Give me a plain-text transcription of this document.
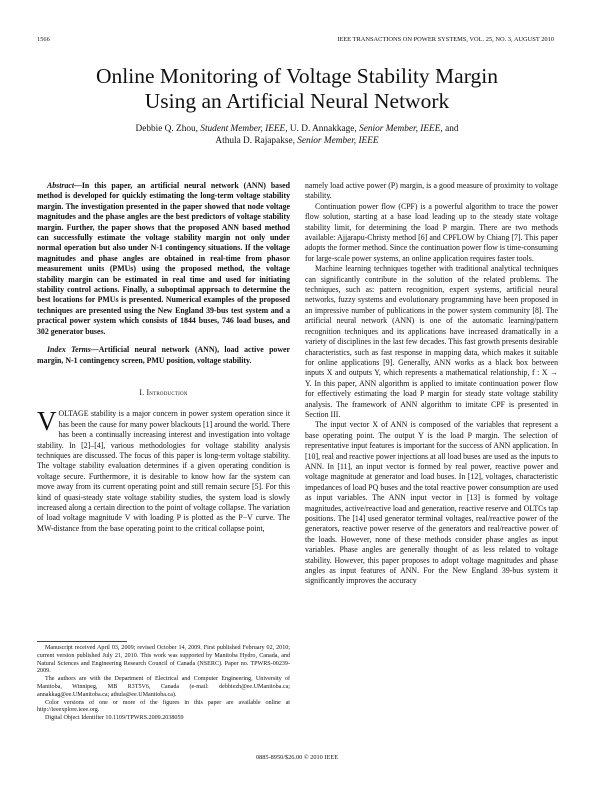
1566	IEEE TRANSACTIONS ON POWER SYSTEMS, VOL. 25, NO. 3, AUGUST 2010
Online Monitoring of Voltage Stability Margin
Using an Artificial Neural Network
Debbie Q. Zhou, Student Member, IEEE, U. D. Annakkage, Senior Member, IEEE, and
Athula D. Rajapakse, Senior Member, IEEE

Abstract—In this paper, an artificial neural network (ANN) based method is developed for quickly estimating the long-term voltage stability margin. The investigation presented in the paper showed that node voltage magnitudes and the phase angles are the best predictors of voltage stability margin. Further, the paper shows that the proposed ANN based method can successfully estimate the voltage stability margin not only under normal operation but also under N-1 contingency situations. If the voltage magnitudes and phase angles are obtained in real-time from phasor measurement units (PMUs) using the proposed method, the voltage stability margin can be estimated in real time and used for initiating stability control actions. Finally, a suboptimal approach to determine the best locations for PMUs is presented. Numerical examples of the proposed techniques are presented using the New England 39-bus test system and a practical power system which consists of 1844 buses, 746 load buses, and 302 generator buses.

Index Terms—Artificial neural network (ANN), load active power margin, N-1 contingency screen, PMU position, voltage stability.

I. Introduction

VOLTAGE stability is a major concern in power system operation since it has been the cause for many power blackouts [1] around the world. There has been a continually increasing interest and investigation into voltage stability. In [2]–[4], various methodologies for voltage stability analysis techniques are discussed. The focus of this paper is long-term voltage stability. The voltage stability evaluation determines if a given operating condition is voltage secure. Furthermore, it is desirable to know how far the system can move away from its current operating point and still remain secure [5]. For this kind of quasi-steady state voltage stability studies, the system load is slowly increased along a certain direction to the point of voltage collapse. The variation of load voltage magnitude V with loading P is plotted as the P−V curve. The MW-distance from the base operating point to the critical collapse point,

Manuscript received April 03, 2009; revised October 14, 2009. First published February 02, 2010; current version published July 21, 2010. This work was supported by Manitoba Hydro, Canada, and Natural Sciences and Engineering Research Council of Canada (NSERC). Paper no. TPWRS-00239-2009.

The authors are with the Department of Electrical and Computer Engineering, University of Manitoba, Winnipeg, MB R3T5V6, Canada (e-mail: debbiezh@ee.UManitoba.ca; annakkag@ee.UManitoba.ca; athula@ee.UManitoba.ca).

Color versions of one or more of the figures in this paper are available online at http://ieeexplore.ieee.org.

Digital Object Identifier 10.1109/TPWRS.2009.2038059

namely load active power (P) margin, is a good measure of proximity to voltage stability.

Continuation power flow (CPF) is a powerful algorithm to trace the power flow solution, starting at a base load leading up to the steady state voltage stability limit, for determining the load P margin. There are two methods available: Ajjarapu-Christy method [6] and CPFLOW by Chiang [7]. This paper adopts the former method. Since the continuation power flow is time-consuming for large-scale power systems, an online application requires faster tools.

Machine learning techniques together with traditional analytical techniques can significantly contribute in the solution of the related problems. The techniques, such as: pattern recognition, expert systems, artificial neural networks, fuzzy systems and evolutionary programming have been proposed in an impressive number of publications in the power system community [8]. The artificial neural network (ANN) is one of the automatic learning/pattern recognition techniques and its applications have increased dramatically in a variety of disciplines in the last few decades. This fast growth presents desirable characteristics, such as fast response in mapping data, which makes it suitable for online applications [9]. Generally, ANN works as a black box between inputs X and outputs Y, which represents a mathematical relationship, f : X → Y. In this paper, ANN algorithm is applied to imitate continuation power flow for effectively estimating the load P margin for steady state voltage stability analysis. The framework of ANN algorithm to imitate CPF is presented in Section III.

The input vector X of ANN is composed of the variables that represent a base operating point. The output Y is the load P margin. The selection of representative input features is important for the success of ANN application. In [10], real and reactive power injections at all load buses are used as the inputs to ANN. In [11], an input vector is formed by real power, reactive power and voltage magnitude at generator and load buses. In [12], voltages, characteristic impedances of load PQ buses and the total reactive power consumption are used as input variables. The ANN input vector in [13] is formed by voltage magnitudes, active/reactive load and generation, reactive reserve and OLTCs tap positions. The [14] used generator terminal voltages, real/reactive power of the generators, reactive power reserve of the generators and real/reactive power of the loads. However, none of these methods consider phase angles as input variables. Phase angles are generally thought of as less related to voltage stability. However, this paper proposes to adopt voltage magnitudes and phase angles as input features of ANN. For the New England 39-bus system it significantly improves the accuracy

0885-8950/$26.00 © 2010 IEEE
